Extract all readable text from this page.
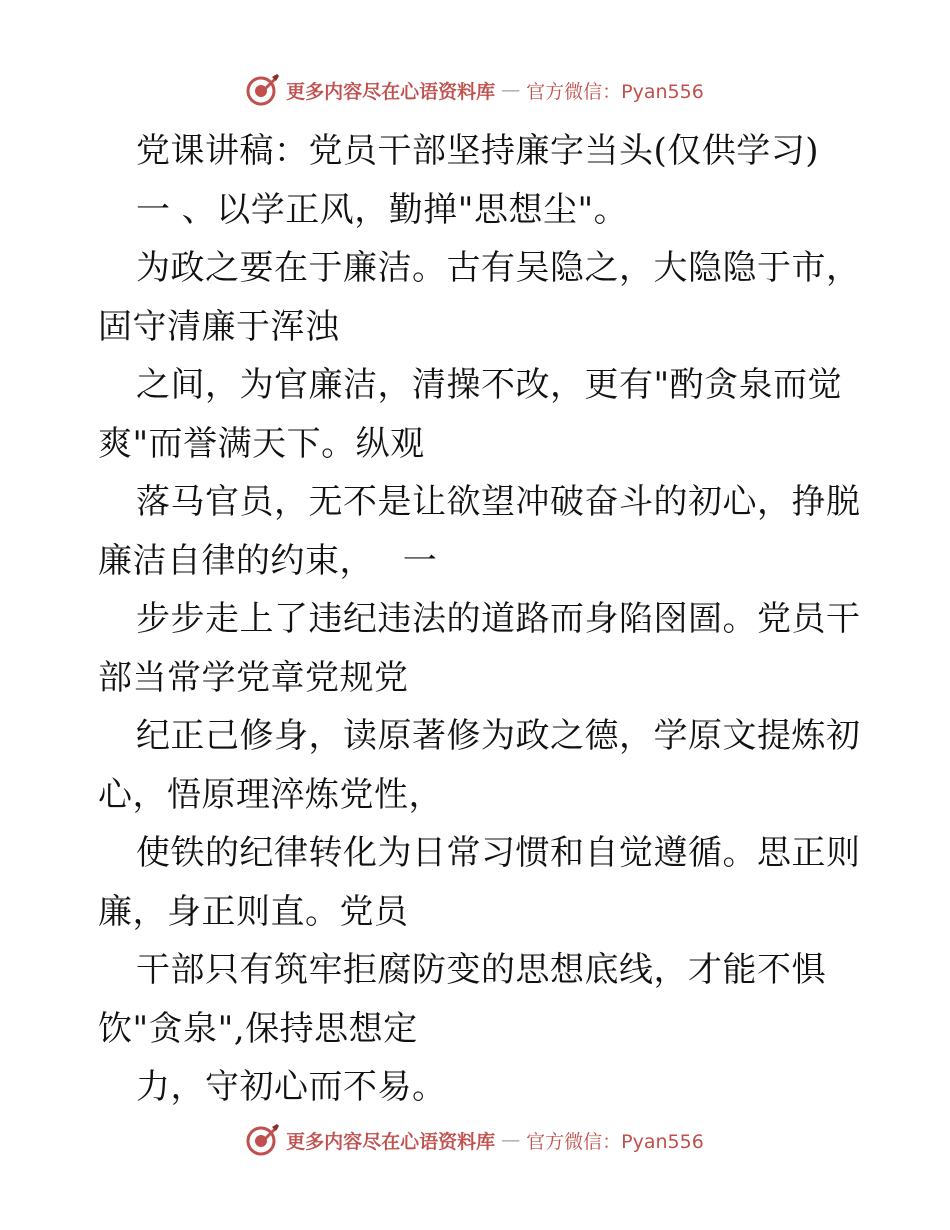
更多内容尽在心语资料库 — 官方微信：Pyan556
党课讲稿：党员干部坚持廉字当头(仅供学习)
一 、以学正风，勤掸"思想尘"。
为政之要在于廉洁。古有吴隐之，大隐隐于市，
固守清廉于浑浊
之间，为官廉洁，清操不改，更有"酌贪泉而觉
爽"而誉满天下。纵观
落马官员，无不是让欲望冲破奋斗的初心，挣脱
廉洁自律的约束，　 一
步步走上了违纪违法的道路而身陷囹圄。党员干
部当常学党章党规党
纪正己修身，读原著修为政之德，学原文提炼初
心，悟原理淬炼党性，
使铁的纪律转化为日常习惯和自觉遵循。思正则
廉，身正则直。党员
干部只有筑牢拒腐防变的思想底线，才能不惧
饮"贪泉",保持思想定
力，守初心而不易。
更多内容尽在心语资料库 — 官方微信：Pyan556
